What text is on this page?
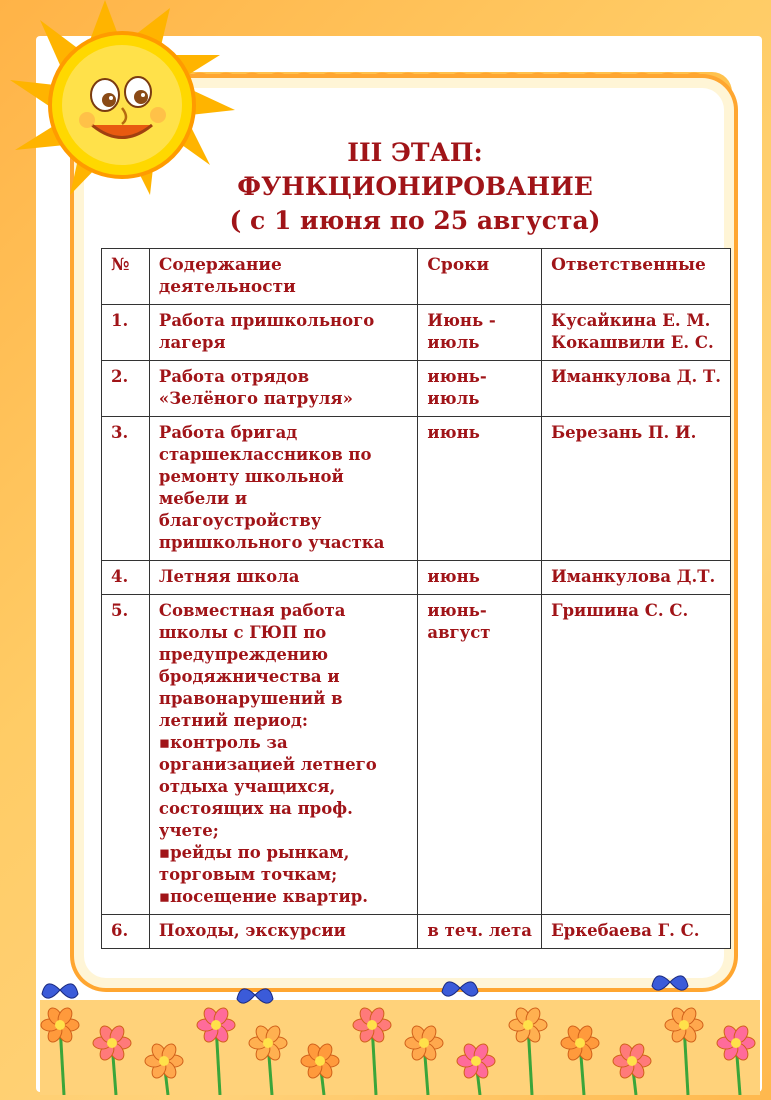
III ЭТАП:
ФУНКЦИОНИРОВАНИЕ
( с 1 июня по 25 августа)
№	Содержание деятельности	Сроки	Ответственные
1.	Работа пришкольного лагеря	Июнь - июль	Кусайкина Е. М.
Кокашвили Е. С.

2.	Работа отрядов «Зелёного патруля»	июнь-июль	Иманкулова Д. Т.

3.	Работа бригад старшеклассников по ремонту школьной мебели и благоустройству пришкольного участка	июнь	Березань П. И.

4.	Летняя школа	июнь	Иманкулова Д.Т.

5.	Совместная работа школы с ГЮП по предупреждению бродяжничества и правонарушений в летний период:
▪ контроль за организацией летнего отдыха учащихся, состоящих на проф. учете;
▪ рейды по рынкам, торговым точкам;
▪ посещение квартир.	июнь-август	Гришина С. С.

6.	Походы, экскурсии	в теч. лета	Еркебаева Г. С.
